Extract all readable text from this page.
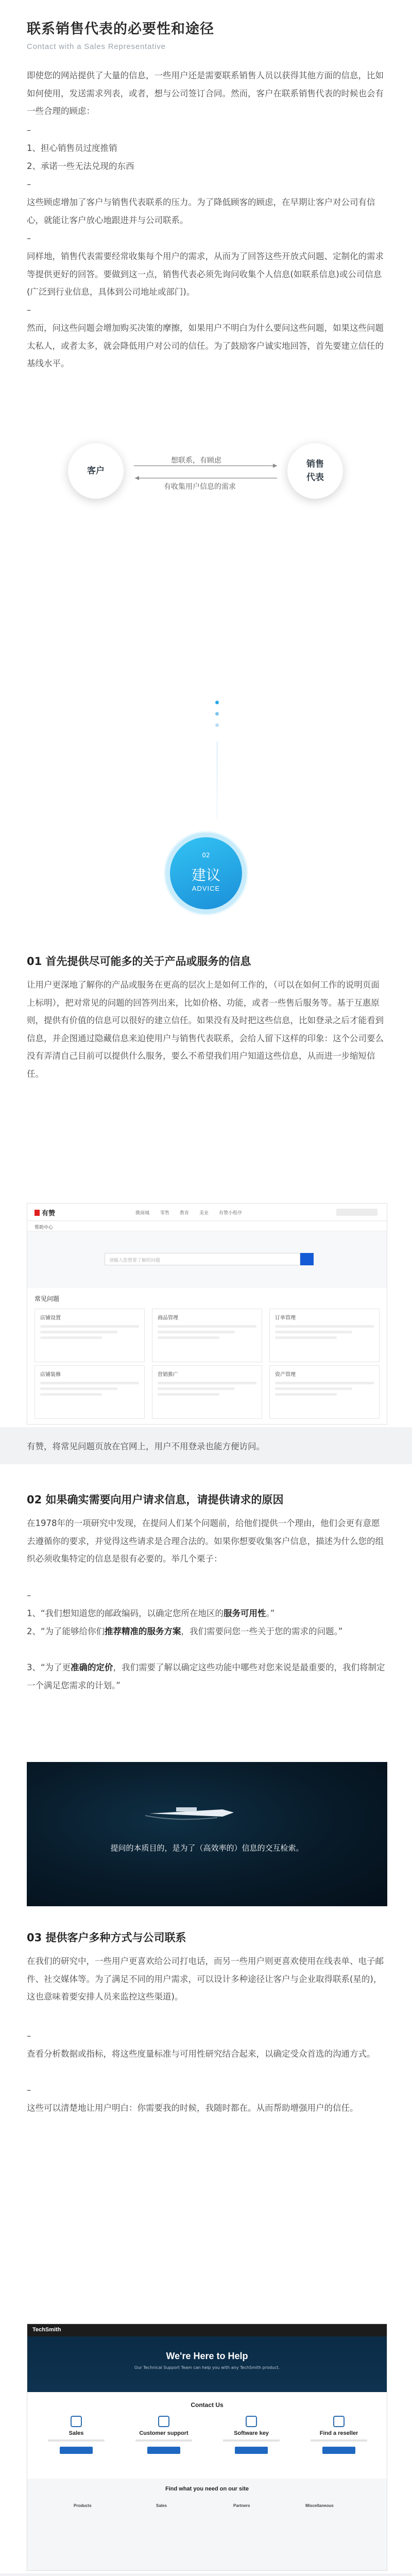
联系销售代表的必要性和途径
Contact with a Sales Representative
即使您的网站提供了大量的信息，一些用户还是需要联系销售人员以获得其他方面的信息，比如如何使用，发送需求列表，或者，想与公司签订合同。然而，客户在联系销售代表的时候也会有一些合理的顾虑：
–
1、担心销售员过度推销
2、承诺一些无法兑现的东西
–
这些顾虑增加了客户与销售代表联系的压力。为了降低顾客的顾虑，在早期让客户对公司有信心，就能让客户放心地跟进并与公司联系。
–
同样地，销售代表需要经常收集每个用户的需求，从而为了回答这些开放式问题、定制化的需求等提供更好的回答。要做到这一点，销售代表必须先询问收集个人信息(如联系信息)或公司信息(广泛到行业信息，具体到公司地址或部门)。
–
然而，问这些问题会增加购买决策的摩擦，如果用户不明白为什么要问这些问题，如果这些问题太私人，或者太多，就会降低用户对公司的信任。为了鼓励客户诚实地回答，首先要建立信任的基线水平。
客户
销售
代表
想联系，有顾虑
有收集用户信息的需求
02
建议
ADVICE
01 首先提供尽可能多的关于产品或服务的信息
让用户更深地了解你的产品或服务在更高的层次上是如何工作的，（可以在如何工作的说明页面上标明），把对常见的问题的回答列出来，比如价格、功能，或者一些售后服务等。基于互惠原则，提供有价值的信息可以很好的建立信任。如果没有及时把这些信息，比如登录之后才能看到信息，并企图通过隐藏信息来迫使用户与销售代表联系，会给人留下这样的印象：这个公司要么没有弄清自己目前可以提供什么服务，要么不希望我们用户知道这些信息，从而进一步缩短信任。
有赞	微商城 零售 教育 美业 有赞小程序
帮助中心
请输入您想要了解的问题
常见问题
店铺设置	商品管理	订单管理
店铺装修	营销推广	资产管理
有赞，将常见问题页放在官网上，用户不用登录也能方便访问。
02 如果确实需要向用户请求信息，请提供请求的原因
在1978年的一项研究中发现，在提问人们某个问题前，给他们提供一个理由，他们会更有意愿去遵循你的要求，并觉得这些请求是合理合法的。如果你想要收集客户信息，描述为什么您的组织必须收集特定的信息是很有必要的。举几个栗子：
–
1、“我们想知道您的邮政编码，以确定您所在地区的服务可用性。”
2、“为了能够给你们推荐精准的服务方案，我们需要问您一些关于您的需求的问题。”
3、“为了更准确的定价，我们需要了解以确定这些功能中哪些对您来说是最重要的，我们将制定一个满足您需求的计划。”
提问的本质目的，是为了（高效率的）信息的交互检索。
03 提供客户多种方式与公司联系
在我们的研究中，一些用户更喜欢给公司打电话，而另一些用户则更喜欢使用在线表单、电子邮件、社交媒体等。为了满足不同的用户需求，可以设计多种途径让客户与企业取得联系(星的)，这也意味着要安排人员来监控这些渠道)。
–
查看分析数据或指标，将这些度量标准与可用性研究结合起来，以确定受众首选的沟通方式。
–
这些可以清楚地让用户明白：你需要我的时候，我随时都在。从而帮助增强用户的信任。
TechSmith
We're Here to Help
Our Technical Support Team can help you with any TechSmith product.
Contact Us
Sales	Customer support	Software key	Find a reseller
Find what you need on our site
Products	Sales	Partners	Miscellaneous
